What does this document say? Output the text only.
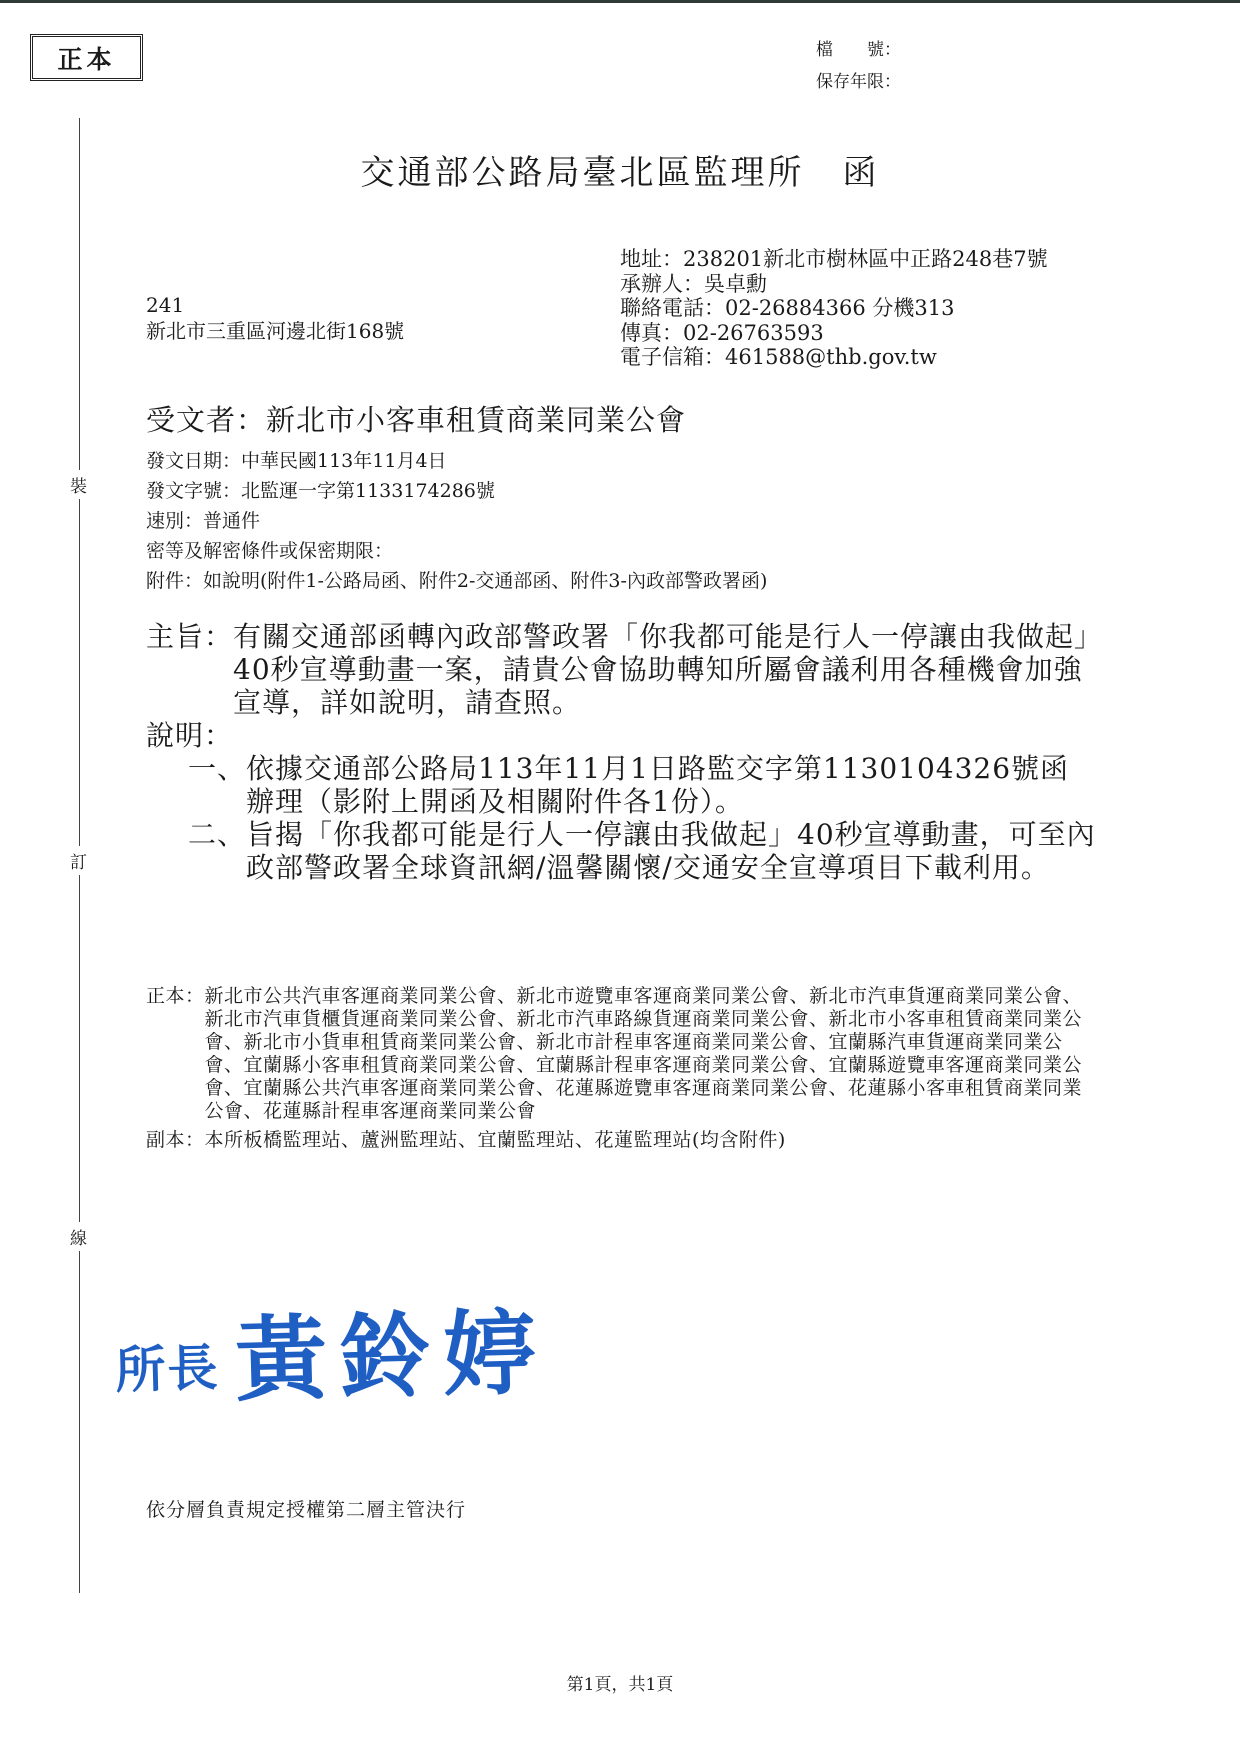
正本	檔　　號：
保存年限：
裝
訂
線
交通部公路局臺北區監理所 函
地址：238201新北市樹林區中正路248巷7號
承辦人：吳卓勳
聯絡電話：02-26884366 分機313
傳真：02-26763593
電子信箱：461588@thb.gov.tw
241
新北市三重區河邊北街168號
受文者：新北市小客車租賃商業同業公會
發文日期：中華民國113年11月4日
發文字號：北監運一字第1133174286號
速別：普通件
密等及解密條件或保密期限：
附件：如說明(附件1-公路局函、附件2-交通部函、附件3-內政部警政署函)
主旨： 有關交通部函轉內政部警政署「你我都可能是行人一停讓由我做起」40秒宣導動畫一案，請貴公會協助轉知所屬會議利用各種機會加強宣導，詳如說明，請查照。
說明：
一、 依據交通部公路局113年11月1日路監交字第1130104326號函辦理（影附上開函及相關附件各1份）。
二、 旨揭「你我都可能是行人一停讓由我做起」40秒宣導動畫，可至內政部警政署全球資訊網/溫馨關懷/交通安全宣導項目下載利用。
正本： 新北市公共汽車客運商業同業公會、新北市遊覽車客運商業同業公會、新北市汽車貨運商業同業公會、新北市汽車貨櫃貨運商業同業公會、新北市汽車路線貨運商業同業公會、新北市小客車租賃商業同業公會、新北市小貨車租賃商業同業公會、新北市計程車客運商業同業公會、宜蘭縣汽車貨運商業同業公會、宜蘭縣小客車租賃商業同業公會、宜蘭縣計程車客運商業同業公會、宜蘭縣遊覽車客運商業同業公會、宜蘭縣公共汽車客運商業同業公會、花蓮縣遊覽車客運商業同業公會、花蓮縣小客車租賃商業同業公會、花蓮縣計程車客運商業同業公會
副本： 本所板橋監理站、蘆洲監理站、宜蘭監理站、花蓮監理站(均含附件)
所長 黃鈴婷
依分層負責規定授權第二層主管決行
第1頁，共1頁
